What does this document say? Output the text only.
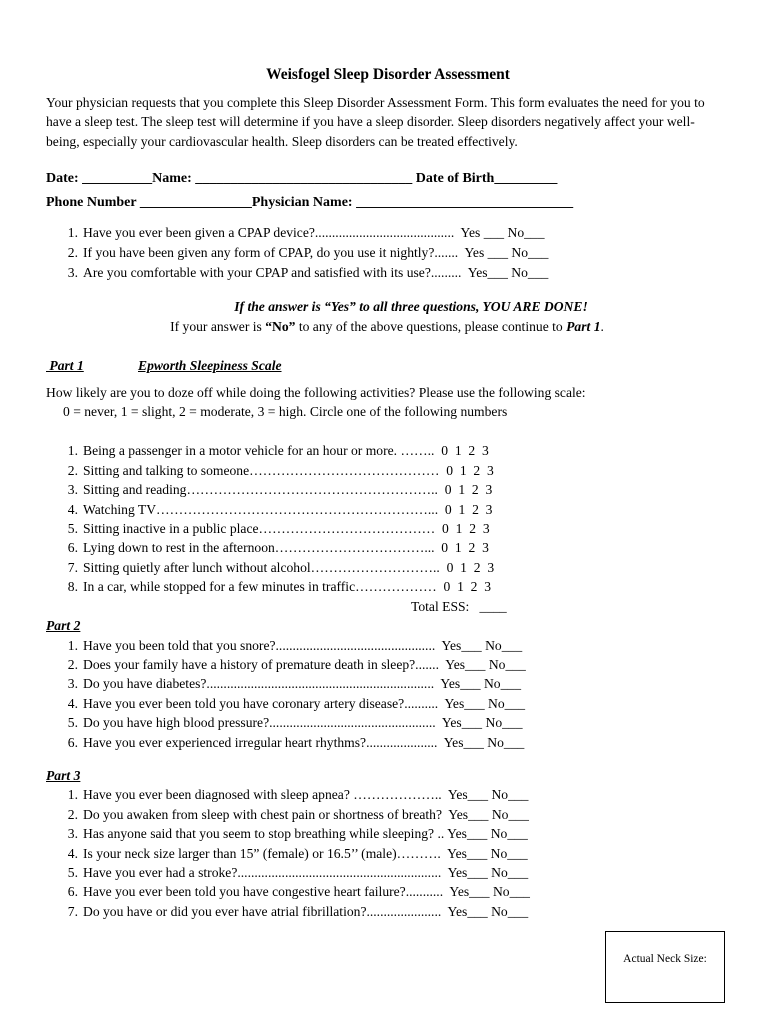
Weisfogel Sleep Disorder Assessment

Your physician requests that you complete this Sleep Disorder Assessment Form. This form evaluates the need for you to have a sleep test. The sleep test will determine if you have a sleep disorder. Sleep disorders negatively affect your well-being, especially your cardiovascular health. Sleep disorders can be treated effectively.

Date: __________Name: _______________________________ Date of Birth_________
Phone Number ________________Physician Name: _______________________________
1. Have you ever been given a CPAP device?.........................................  Yes ___ No___
2. If you have been given any form of CPAP, do you use it nightly?.......  Yes ___ No___
3. Are you comfortable with your CPAP and satisfied with its use?.........  Yes___ No___
If the answer is “Yes” to all three questions, YOU ARE DONE!
If your answer is “No” to any of the above questions, please continue to Part 1.
Part 1	Epworth Sleepiness Scale
How likely are you to doze off while doing the following activities? Please use the following scale:
0 = never, 1 = slight, 2 = moderate, 3 = high. Circle one of the following numbers
1. Being a passenger in a motor vehicle for an hour or more. ……..  0  1  2  3
2. Sitting and talking to someone……………………………………  0  1  2  3
3. Sitting and reading………………………………………………..  0  1  2  3
4. Watching TV……………………………………………………...  0  1  2  3
5. Sitting inactive in a public place…………………………………  0  1  2  3
6. Lying down to rest in the afternoon……………………………...  0  1  2  3
7. Sitting quietly after lunch without alcohol………………………..  0  1  2  3
8. In a car, while stopped for a few minutes in traffic………………  0  1  2  3
Total ESS:   ____
Part 2
1. Have you been told that you snore?...............................................  Yes___ No___
2. Does your family have a history of premature death in sleep?.......  Yes___ No___
3. Do you have diabetes?...................................................................  Yes___ No___
4. Have you ever been told you have coronary artery disease?..........  Yes___ No___
5. Do you have high blood pressure?.................................................  Yes___ No___
6. Have you ever experienced irregular heart rhythms?.....................  Yes___ No___
Part 3
1. Have you ever been diagnosed with sleep apnea? ………………..  Yes___ No___
2. Do you awaken from sleep with chest pain or shortness of breath?  Yes___ No___
3. Has anyone said that you seem to stop breathing while sleeping? .. Yes___ No___
4. Is your neck size larger than 15” (female) or 16.5’’ (male)……….  Yes___ No___
5. Have you ever had a stroke?............................................................  Yes___ No___
6. Have you ever been told you have congestive heart failure?...........  Yes___ No___
7. Do you have or did you ever have atrial fibrillation?......................  Yes___ No___
Actual Neck Size:
